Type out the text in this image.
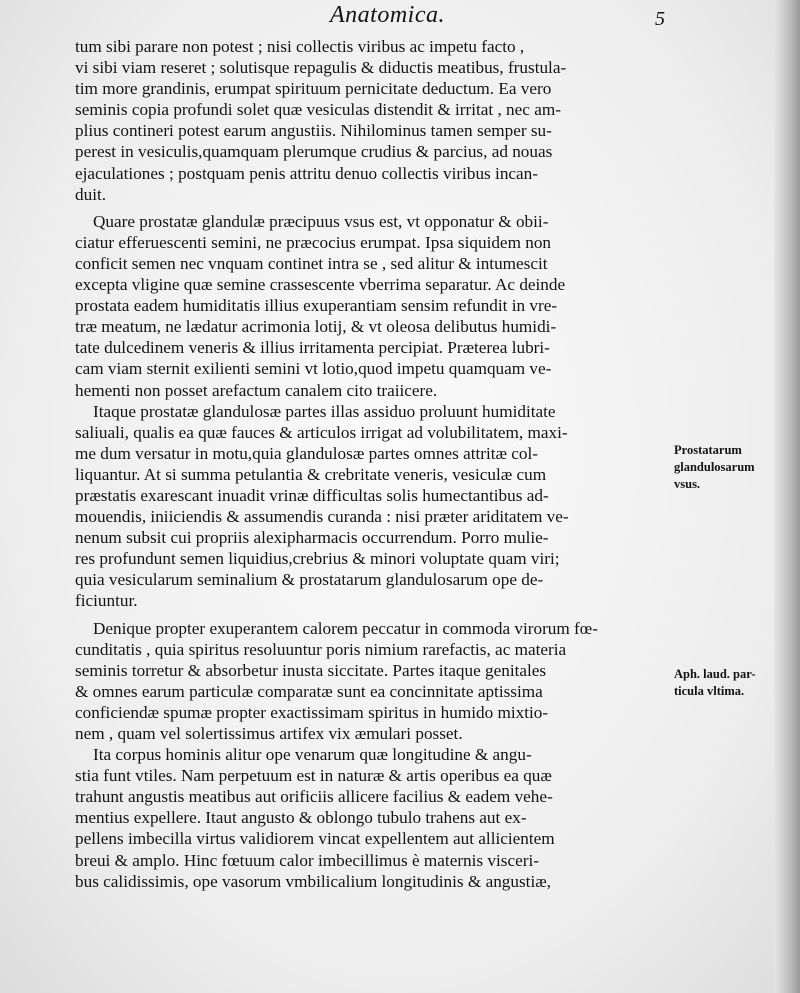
Anatomica.	5

tum sibi parare non potest ; nisi collectis viribus ac impetu facto ,
vi sibi viam reseret ; solutisque repagulis & diductis meatibus, frustula-
tim more grandinis, erumpat spirituum pernicitate deductum. Ea vero
seminis copia profundi solet quæ vesiculas distendit & irritat , nec am-
plius contineri potest earum angustiis. Nihilominus tamen semper su-
perest in vesiculis,quamquam plerumque crudius & parcius, ad nouas
ejaculationes ; postquam penis attritu denuo collectis viribus incan-
duit.

Quare prostatæ glandulæ præcipuus vsus est, vt opponatur & obii-
ciatur efferuescenti semini, ne præcocius erumpat. Ipsa siquidem non
conficit semen nec vnquam continet intra se , sed alitur & intumescit
excepta vligine quæ semine crassescente vberrima separatur. Ac deinde
prostata eadem humiditatis illius exuperantiam sensim refundit in vre-
træ meatum, ne lædatur acrimonia lotij, & vt oleosa delibutus humidi-
tate dulcedinem veneris & illius irritamenta percipiat. Præterea lubri-
cam viam sternit exilienti semini vt lotio,quod impetu quamquam ve-
hementi non posset arefactum canalem cito traiicere.

Itaque prostatæ glandulosæ partes illas assiduo proluunt humiditate
saliuali, qualis ea quæ fauces & articulos irrigat ad volubilitatem, maxi-
me dum versatur in motu,quia glandulosæ partes omnes attritæ col-
liquantur. At si summa petulantia & crebritate veneris, vesiculæ cum
præstatis exarescant inuadit vrinæ difficultas solis humectantibus ad-
mouendis, iniiciendis & assumendis curanda : nisi præter ariditatem ve-
nenum subsit cui propriis alexipharmacis occurrendum. Porro mulie-
res profundunt semen liquidius,crebrius & minori voluptate quam viri;
quia vesicularum seminalium & prostatarum glandulosarum ope de-
ficiuntur.

Denique propter exuperantem calorem peccatur in commoda virorum fœ-
cunditatis , quia spiritus resoluuntur poris nimium rarefactis, ac materia
seminis torretur & absorbetur inusta siccitate. Partes itaque genitales
& omnes earum particulæ comparatæ sunt ea concinnitate aptissima
conficiendæ spumæ propter exactissimam spiritus in humido mixtio-
nem , quam vel solertissimus artifex vix æmulari posset.

Ita corpus hominis alitur ope venarum quæ longitudine & angu-
stia funt vtiles. Nam perpetuum est in naturæ & artis operibus ea quæ
trahunt angustis meatibus aut orificiis allicere facilius & eadem vehe-
mentius expellere. Itaut angusto & oblongo tubulo trahens aut ex-
pellens imbecilla virtus validiorem vincat expellentem aut allicientem
breui & amplo. Hinc fœtuum calor imbecillimus è maternis visceri-
bus calidissimis, ope vasorum vmbilicalium longitudinis & angustiæ,

Prostatarum
glandulosarum
vsus.
Aph. laud. par-
ticula vltima.
